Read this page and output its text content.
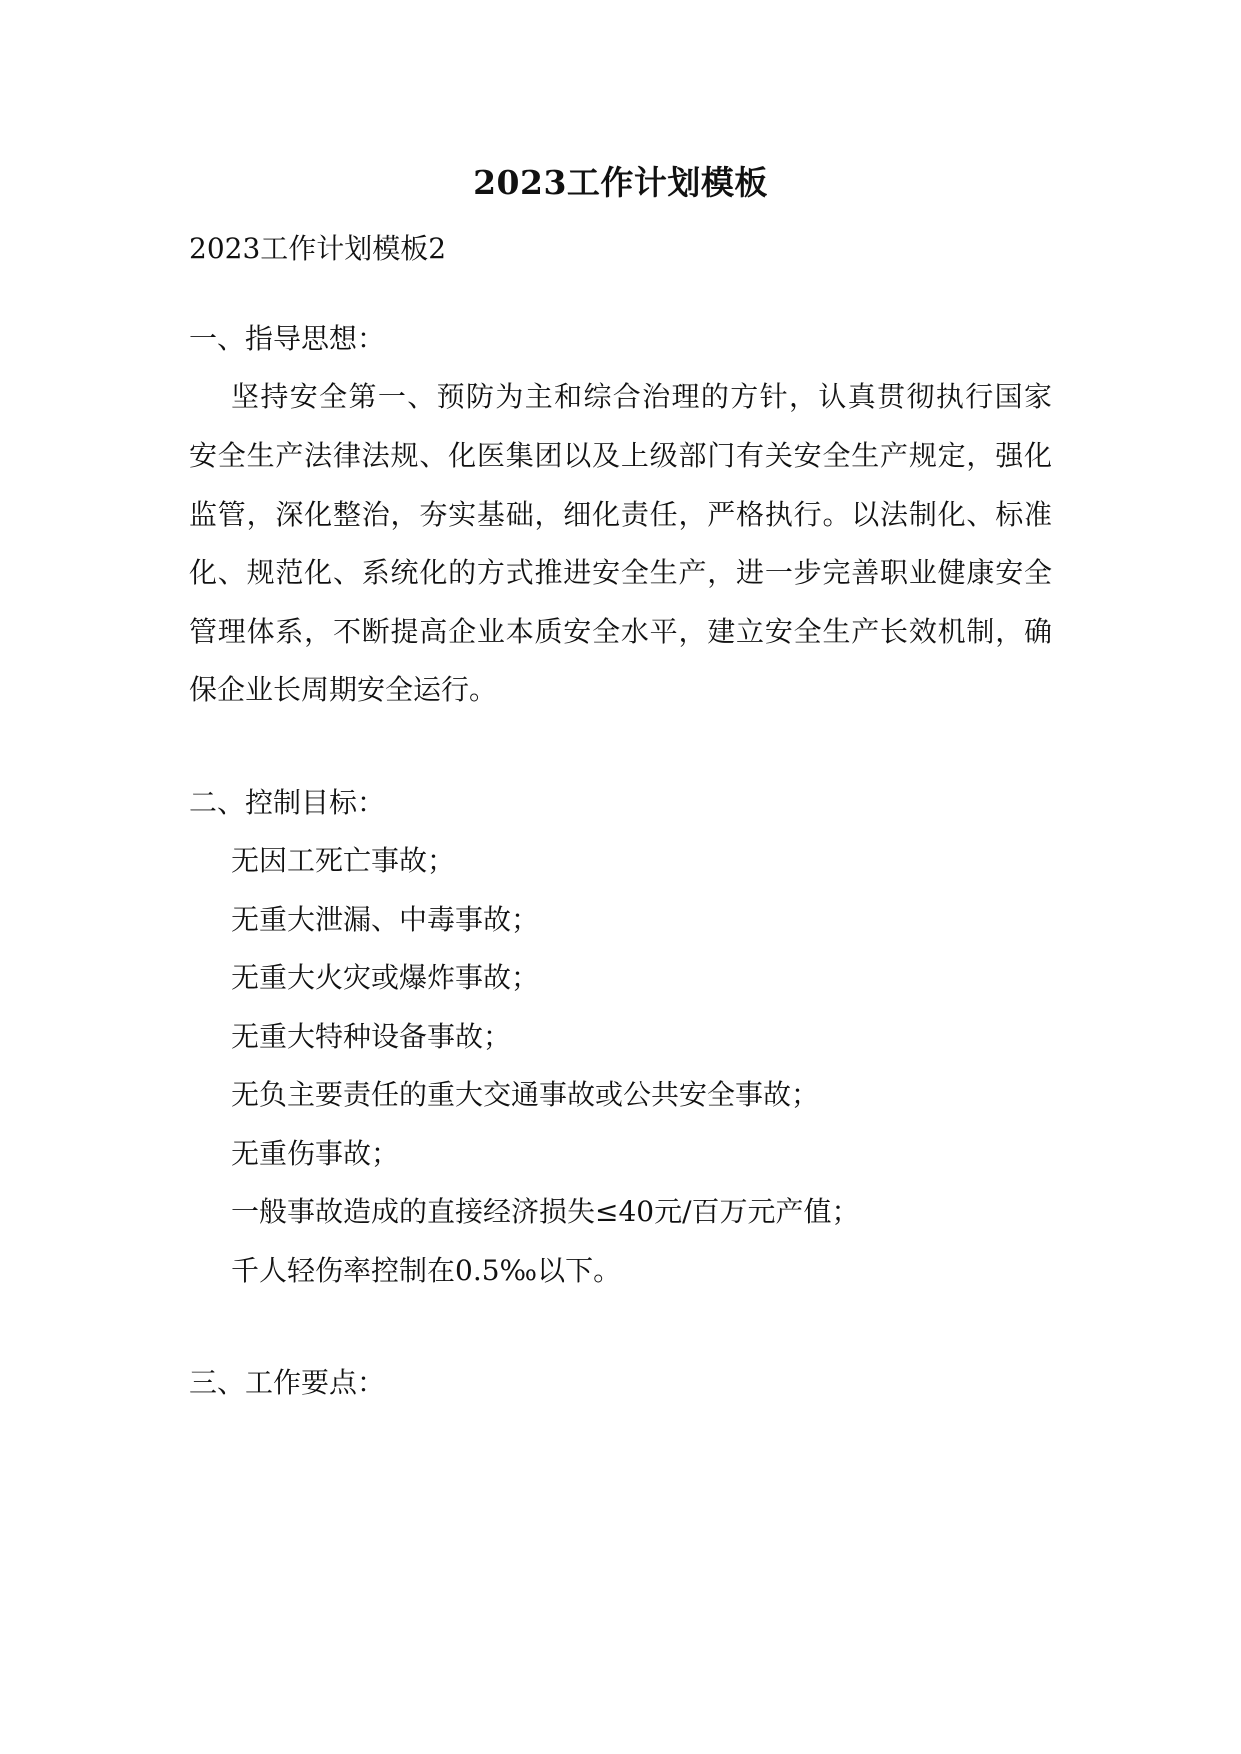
2023工作计划模板
2023工作计划模板2
一、指导思想：
坚持安全第一、预防为主和综合治理的方针，认真贯彻执行国家
安全生产法律法规、化医集团以及上级部门有关安全生产规定，强化
监管，深化整治，夯实基础，细化责任，严格执行。以法制化、标准
化、规范化、系统化的方式推进安全生产，进一步完善职业健康安全
管理体系，不断提高企业本质安全水平，建立安全生产长效机制，确
保企业长周期安全运行。
二、控制目标：
无因工死亡事故；
无重大泄漏、中毒事故；
无重大火灾或爆炸事故；
无重大特种设备事故；
无负主要责任的重大交通事故或公共安全事故；
无重伤事故；
一般事故造成的直接经济损失≤40元/百万元产值；
千人轻伤率控制在0.5‰以下。
三、工作要点：
